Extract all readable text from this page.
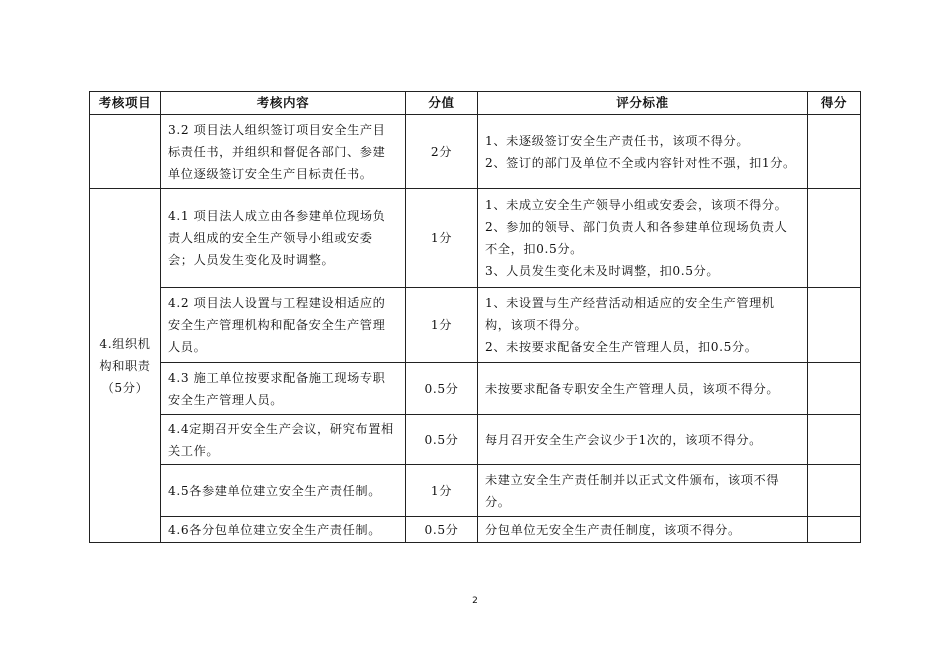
考核项目	考核内容	分值	评分标准	得分
	3.2 项目法人组织签订项目安全生产目标责任书，并组织和督促各部门、参建单位逐级签订安全生产目标责任书。	2分	1、未逐级签订安全生产责任书，该项不得分。
2、签订的部门及单位不全或内容针对性不强，扣1分。	

4.组织机构和职责（5分）	4.1 项目法人成立由各参建单位现场负责人组成的安全生产领导小组或安委会；人员发生变化及时调整。	1分	1、未成立安全生产领导小组或安委会，该项不得分。
2、参加的领导、部门负责人和各参建单位现场负责人不全，扣0.5分。
3、人员发生变化未及时调整，扣0.5分。	

	4.2 项目法人设置与工程建设相适应的安全生产管理机构和配备安全生产管理人员。	1分	1、未设置与生产经营活动相适应的安全生产管理机构，该项不得分。
2、未按要求配备安全生产管理人员，扣0.5分。	

	4.3 施工单位按要求配备施工现场专职安全生产管理人员。	0.5分	未按要求配备专职安全生产管理人员，该项不得分。	

	4.4定期召开安全生产会议，研究布置相关工作。	0.5分	每月召开安全生产会议少于1次的，该项不得分。	

	4.5各参建单位建立安全生产责任制。	1分	未建立安全生产责任制并以正式文件颁布，该项不得分。	

	4.6各分包单位建立安全生产责任制。	0.5分	分包单位无安全生产责任制度，该项不得分。	

2
